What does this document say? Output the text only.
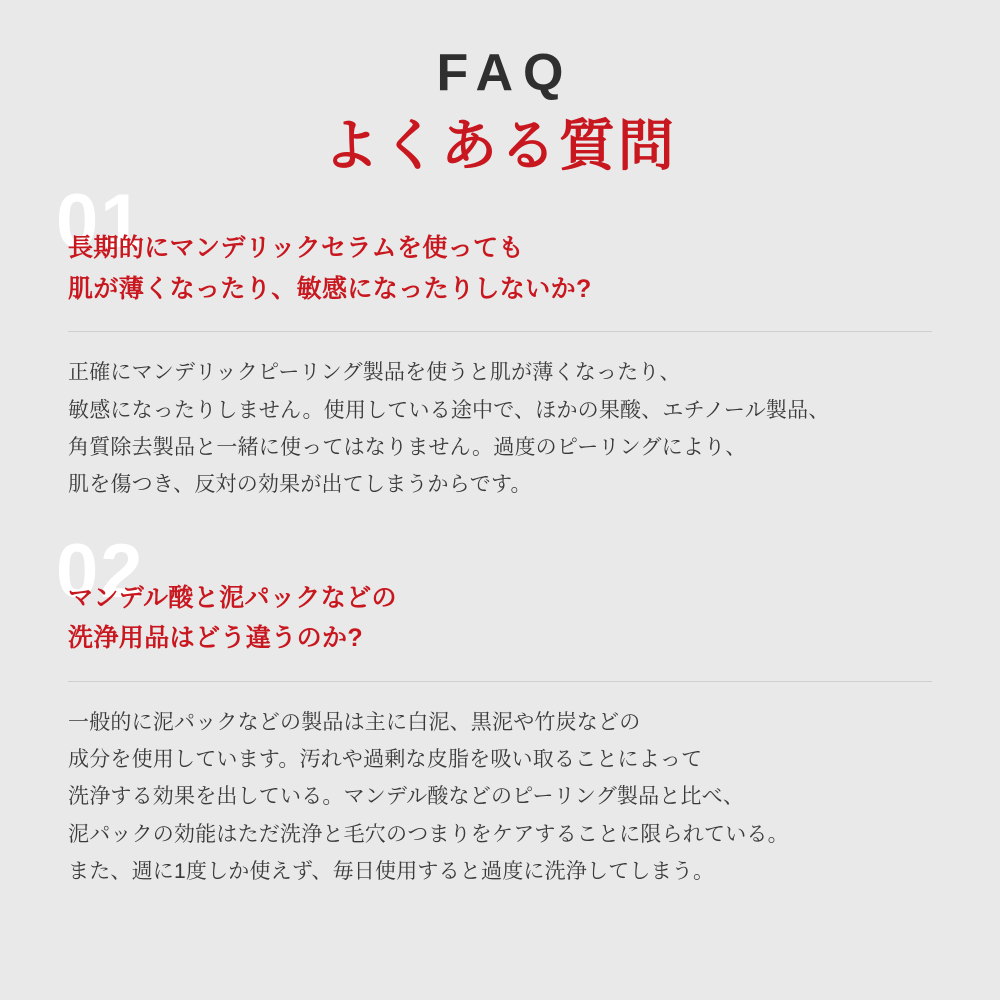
FAQ
よくある質問
01
長期的にマンデリックセラムを使っても
肌が薄くなったり、敏感になったりしないか?
正確にマンデリックピーリング製品を使うと肌が薄くなったり、
敏感になったりしません。使用している途中で、ほかの果酸、エチノール製品、
角質除去製品と一緒に使ってはなりません。過度のピーリングにより、
肌を傷つき、反対の効果が出てしまうからです。
02
マンデル酸と泥パックなどの
洗浄用品はどう違うのか?
一般的に泥パックなどの製品は主に白泥、黒泥や竹炭などの
成分を使用しています。汚れや過剰な皮脂を吸い取ることによって
洗浄する効果を出している。マンデル酸などのピーリング製品と比べ、
泥パックの効能はただ洗浄と毛穴のつまりをケアすることに限られている。
また、週に1度しか使えず、毎日使用すると過度に洗浄してしまう。
